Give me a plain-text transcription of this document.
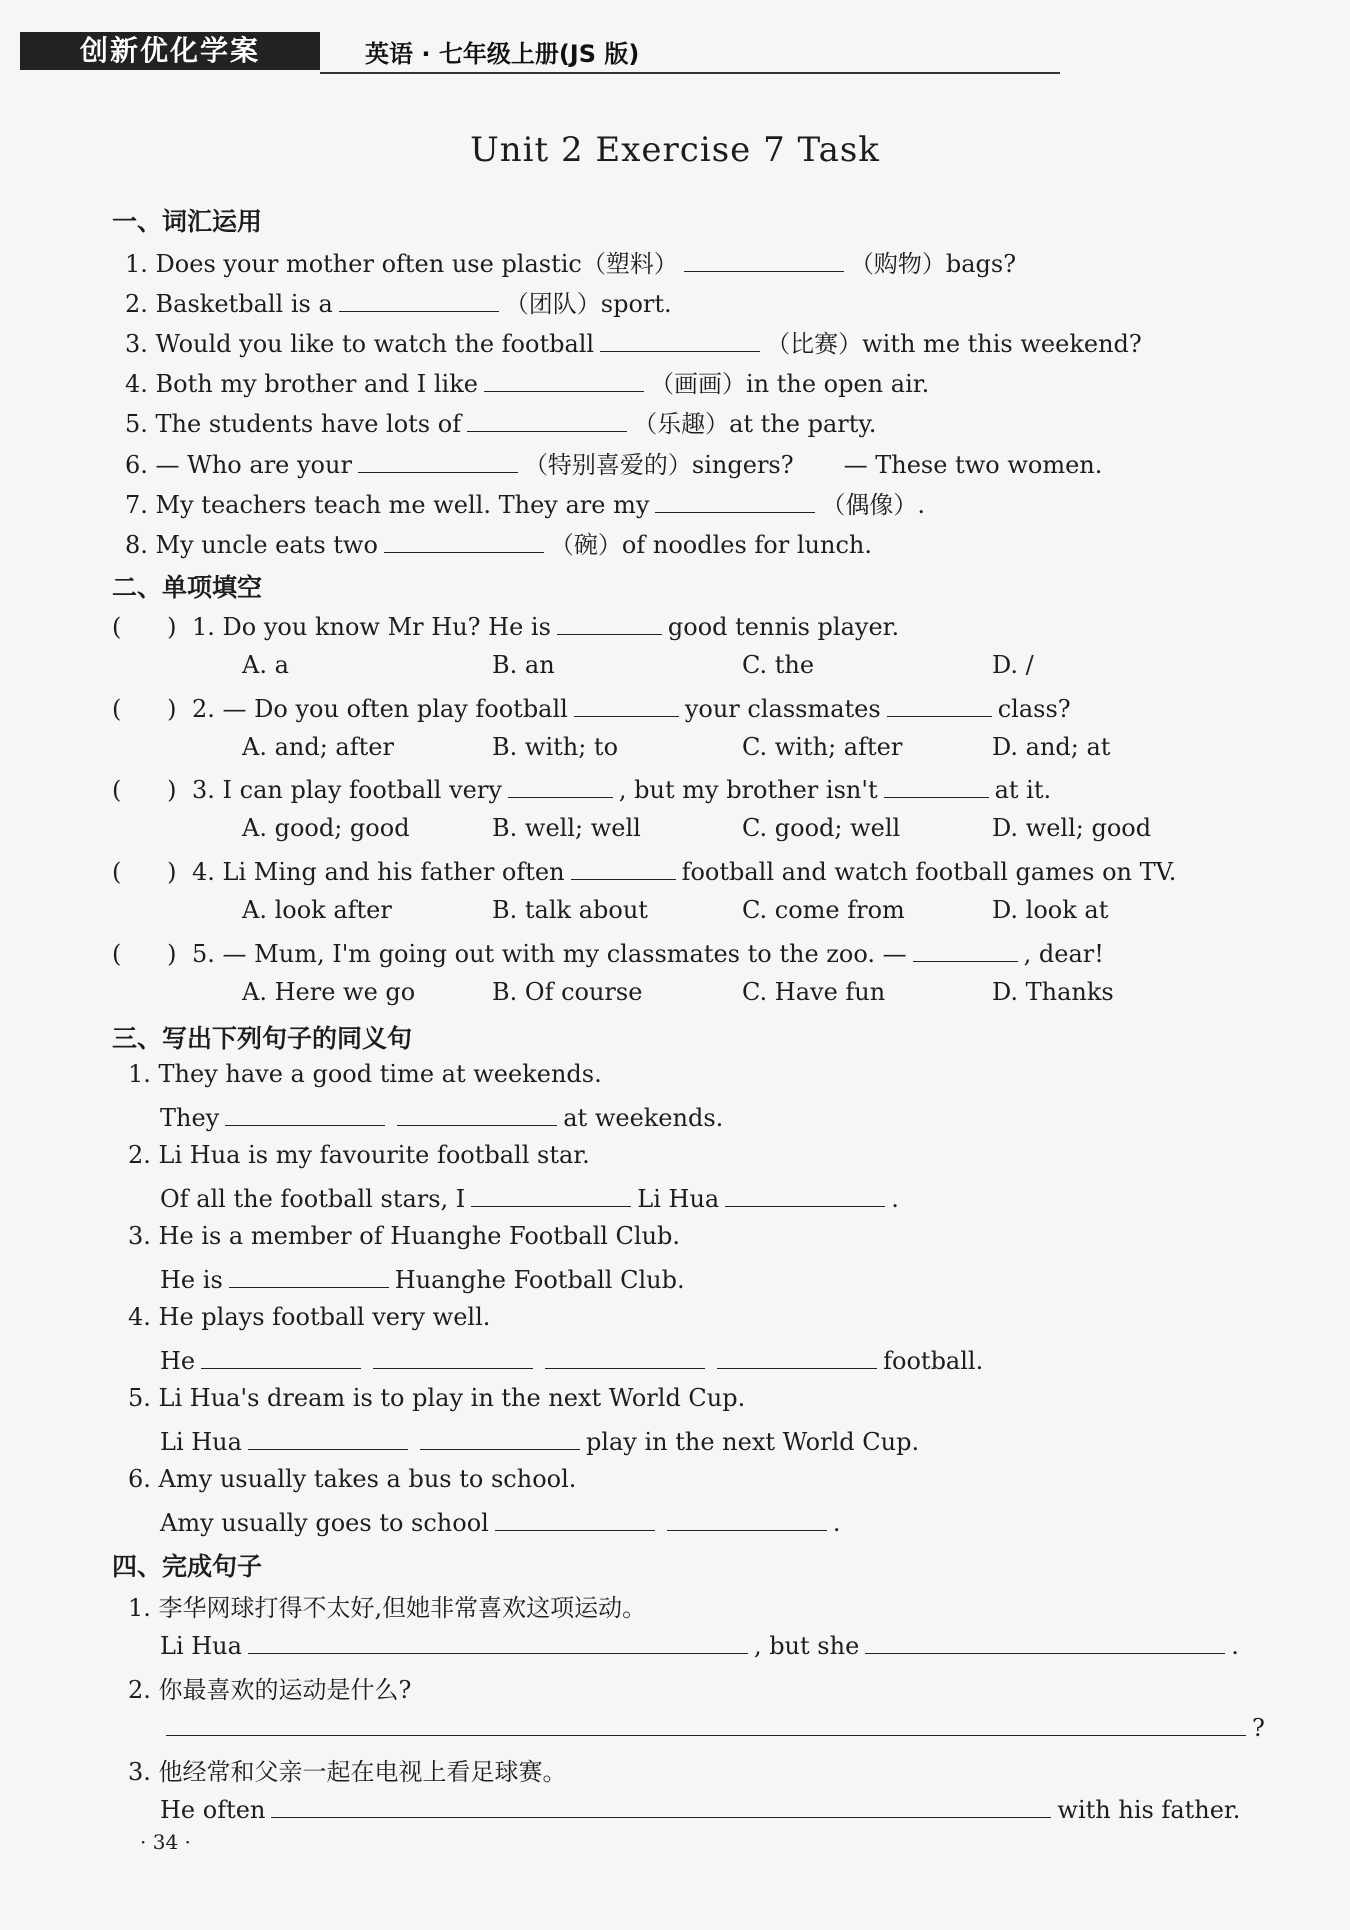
创新优化学案	英语 · 七年级上册(JS 版)
Unit 2 Exercise 7 Task
一、词汇运用
1. Does your mother often use plastic（塑料）	（购物）bags?
2. Basketball is a	（团队）sport.
3. Would you like to watch the football	（比赛）with me this weekend?
4. Both my brother and I like	（画画）in the open air.
5. The students have lots of	（乐趣）at the party.
6. — Who are your	（特别喜爱的）singers? — These two women.
7. My teachers teach me well. They are my	（偶像）.
8. My uncle eats two	（碗）of noodles for lunch.
二、单项填空
(      ) 1. Do you know Mr Hu? He is	good tennis player.
A. a	B. an	C. the	D. /
(      ) 2. — Do you often play football	your classmates	class?
A. and; after	B. with; to	C. with; after	D. and; at
(      ) 3. I can play football very	, but my brother isn't	at it.
A. good; good	B. well; well	C. good; well	D. well; good
(      ) 4. Li Ming and his father often	football and watch football games on TV.
A. look after	B. talk about	C. come from	D. look at
(      ) 5. — Mum, I'm going out with my classmates to the zoo. —	, dear!
A. Here we go	B. Of course	C. Have fun	D. Thanks
三、写出下列句子的同义句
1. They have a good time at weekends.
They	at weekends.
2. Li Hua is my favourite football star.
Of all the football stars, I	Li Hua	.
3. He is a member of Huanghe Football Club.
He is	Huanghe Football Club.
4. He plays football very well.
He	football.
5. Li Hua's dream is to play in the next World Cup.
Li Hua	play in the next World Cup.
6. Amy usually takes a bus to school.
Amy usually goes to school	.
四、完成句子
1. 李华网球打得不太好,但她非常喜欢这项运动。
Li Hua	, but she	.
2. 你最喜欢的运动是什么?
?
3. 他经常和父亲一起在电视上看足球赛。
He often	with his father.
· 34 ·
